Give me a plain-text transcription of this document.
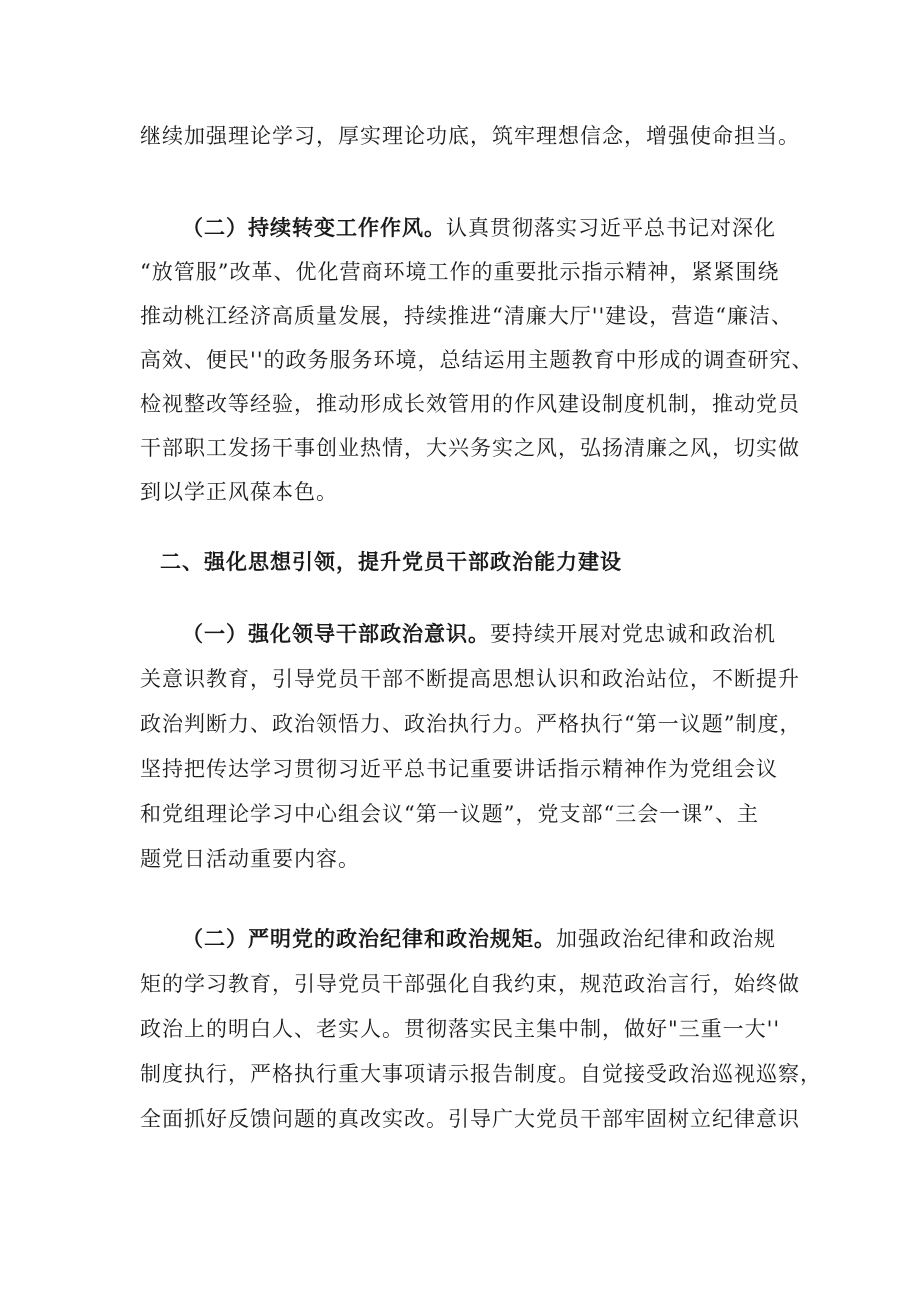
继续加强理论学习，厚实理论功底，筑牢理想信念，增强使命担当。
（二）持续转变工作作风。认真贯彻落实习近平总书记对深化
“放管服”改革、优化营商环境工作的重要批示指示精神，紧紧围绕
推动桃江经济高质量发展，持续推进“清廉大厅''建设，营造“廉洁、
高效、便民''的政务服务环境，总结运用主题教育中形成的调查研究、
检视整改等经验，推动形成长效管用的作风建设制度机制，推动党员
干部职工发扬干事创业热情，大兴务实之风，弘扬清廉之风，切实做
到以学正风葆本色。
二、强化思想引领，提升党员干部政治能力建设
（一）强化领导干部政治意识。要持续开展对党忠诚和政治机
关意识教育，引导党员干部不断提高思想认识和政治站位，不断提升
政治判断力、政治领悟力、政治执行力。严格执行“第一议题”制度，
坚持把传达学习贯彻习近平总书记重要讲话指示精神作为党组会议
和党组理论学习中心组会议“第一议题”，党支部“三会一课”、主
题党日活动重要内容。
（二）严明党的政治纪律和政治规矩。加强政治纪律和政治规
矩的学习教育，引导党员干部强化自我约束，规范政治言行，始终做
政治上的明白人、老实人。贯彻落实民主集中制，做好"三重一大''
制度执行，严格执行重大事项请示报告制度。自觉接受政治巡视巡察，
全面抓好反馈问题的真改实改。引导广大党员干部牢固树立纪律意识
